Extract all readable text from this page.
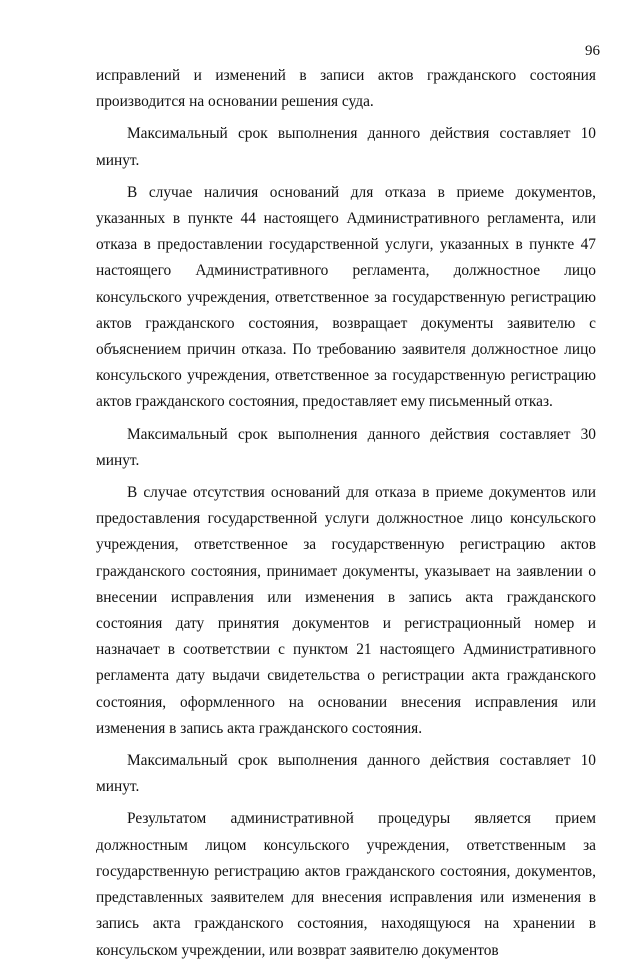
96

исправлений и изменений в записи актов гражданского состояния производится на основании решения суда.

Максимальный срок выполнения данного действия составляет 10 минут.

В случае наличия оснований для отказа в приеме документов, указанных в пункте 44 настоящего Административного регламента, или отказа в предоставлении государственной услуги, указанных в пункте 47 настоящего Административного регламента, должностное лицо консульского учреждения, ответственное за государственную регистрацию актов гражданского состояния, возвращает документы заявителю с объяснением причин отказа. По требованию заявителя должностное лицо консульского учреждения, ответственное за государственную регистрацию актов гражданского состояния, предоставляет ему письменный отказ.

Максимальный срок выполнения данного действия составляет 30 минут.

В случае отсутствия оснований для отказа в приеме документов или предоставления государственной услуги должностное лицо консульского учреждения, ответственное за государственную регистрацию актов гражданского состояния, принимает документы, указывает на заявлении о внесении исправления или изменения в запись акта гражданского состояния дату принятия документов и регистрационный номер и назначает в соответствии с пунктом 21 настоящего Административного регламента дату выдачи свидетельства о регистрации акта гражданского состояния, оформленного на основании внесения исправления или изменения в запись акта гражданского состояния.

Максимальный срок выполнения данного действия составляет 10 минут.

Результатом административной процедуры является прием должностным лицом консульского учреждения, ответственным за государственную регистрацию актов гражданского состояния, документов, представленных заявителем для внесения исправления или изменения в запись акта гражданского состояния, находящуюся на хранении в консульском учреждении, или возврат заявителю документов
